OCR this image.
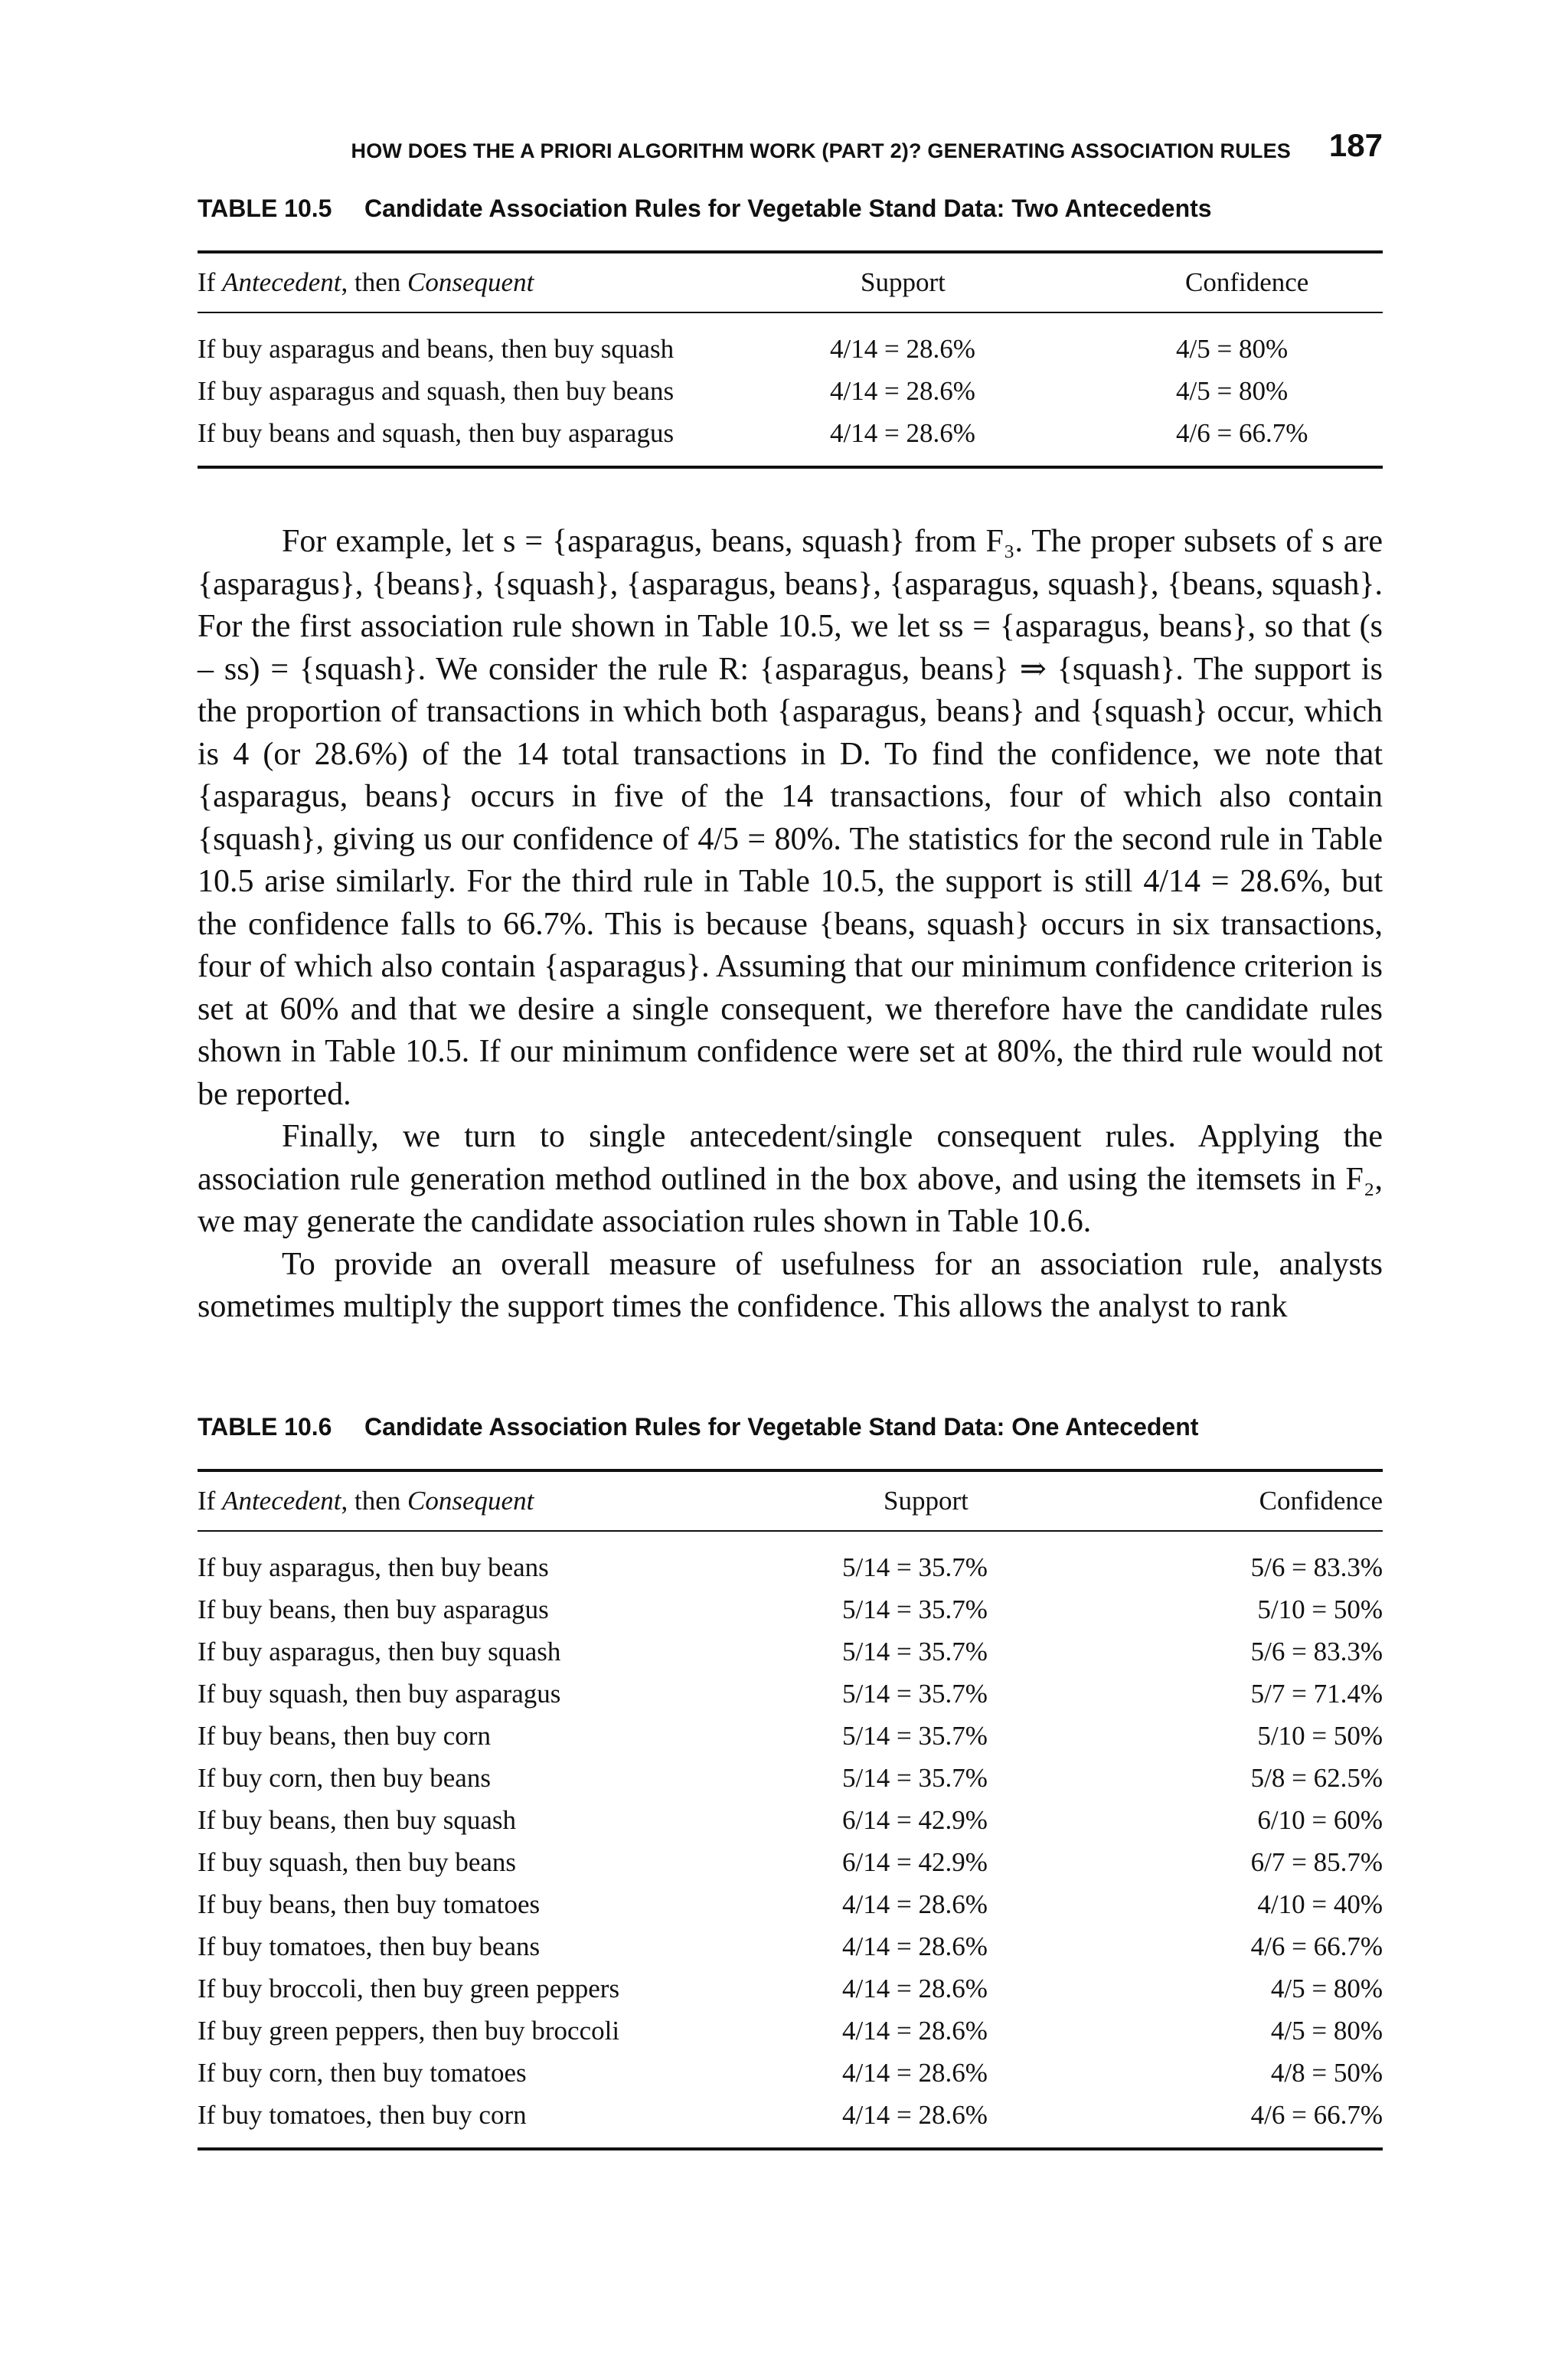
HOW DOES THE A PRIORI ALGORITHM WORK (PART 2)? GENERATING ASSOCIATION RULES 187
TABLE 10.5 Candidate Association Rules for Vegetable Stand Data: Two Antecedents
If Antecedent, then Consequent	Support	Confidence
If buy asparagus and beans, then buy squash	4/14 = 28.6%	4/5 = 80%
If buy asparagus and squash, then buy beans	4/14 = 28.6%	4/5 = 80%
If buy beans and squash, then buy asparagus	4/14 = 28.6%	4/6 = 66.7%

For example, let s = {asparagus, beans, squash} from F₃. The proper subsets of s are {asparagus}, {beans}, {squash}, {asparagus, beans}, {asparagus, squash}, {beans, squash}. For the first association rule shown in Table 10.5, we let ss = {asparagus, beans}, so that (s – ss) = {squash}. We consider the rule R: {asparagus, beans} ⇒ {squash}. The support is the proportion of transactions in which both {asparagus, beans} and {squash} occur, which is 4 (or 28.6%) of the 14 total transactions in D. To find the confidence, we note that {asparagus, beans} occurs in five of the 14 transactions, four of which also contain {squash}, giving us our confidence of 4/5 = 80%. The statistics for the second rule in Table 10.5 arise similarly. For the third rule in Table 10.5, the support is still 4/14 = 28.6%, but the confidence falls to 66.7%. This is because {beans, squash} occurs in six transactions, four of which also contain {asparagus}. Assuming that our minimum confidence criterion is set at 60% and that we desire a single consequent, we therefore have the candidate rules shown in Table 10.5. If our minimum confidence were set at 80%, the third rule would not be reported.

Finally, we turn to single antecedent/single consequent rules. Applying the association rule generation method outlined in the box above, and using the itemsets in F₂, we may generate the candidate association rules shown in Table 10.6.

To provide an overall measure of usefulness for an association rule, analysts sometimes multiply the support times the confidence. This allows the analyst to rank

TABLE 10.6 Candidate Association Rules for Vegetable Stand Data: One Antecedent
If Antecedent, then Consequent	Support	Confidence
If buy asparagus, then buy beans	5/14 = 35.7%	5/6 = 83.3%
If buy beans, then buy asparagus	5/14 = 35.7%	5/10 = 50%
If buy asparagus, then buy squash	5/14 = 35.7%	5/6 = 83.3%
If buy squash, then buy asparagus	5/14 = 35.7%	5/7 = 71.4%
If buy beans, then buy corn	5/14 = 35.7%	5/10 = 50%
If buy corn, then buy beans	5/14 = 35.7%	5/8 = 62.5%
If buy beans, then buy squash	6/14 = 42.9%	6/10 = 60%
If buy squash, then buy beans	6/14 = 42.9%	6/7 = 85.7%
If buy beans, then buy tomatoes	4/14 = 28.6%	4/10 = 40%
If buy tomatoes, then buy beans	4/14 = 28.6%	4/6 = 66.7%
If buy broccoli, then buy green peppers	4/14 = 28.6%	4/5 = 80%
If buy green peppers, then buy broccoli	4/14 = 28.6%	4/5 = 80%
If buy corn, then buy tomatoes	4/14 = 28.6%	4/8 = 50%
If buy tomatoes, then buy corn	4/14 = 28.6%	4/6 = 66.7%
